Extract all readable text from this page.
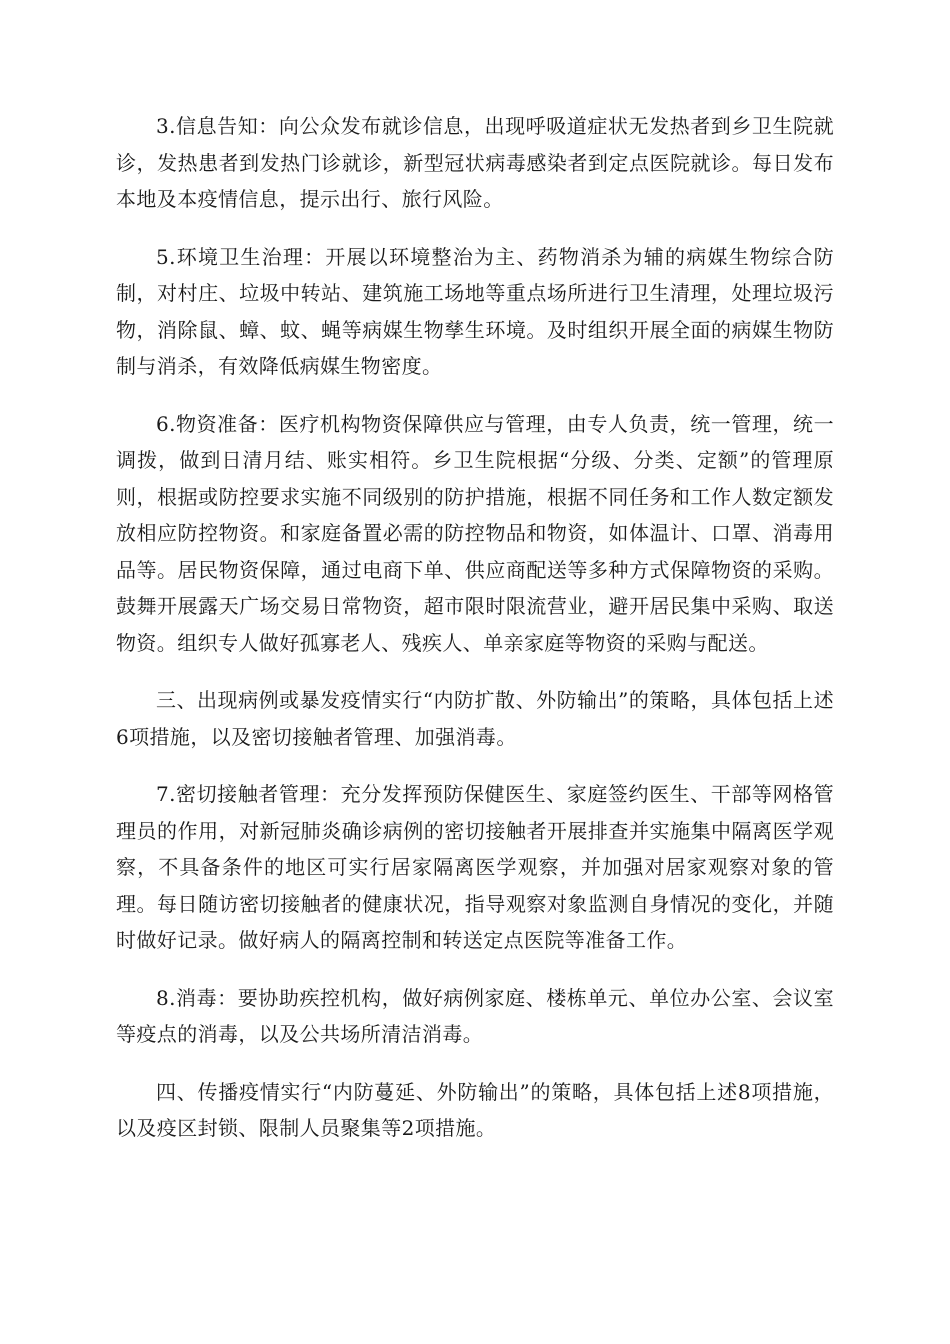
3.信息告知：向公众发布就诊信息，出现呼吸道症状无发热者到乡卫生院就诊，发热患者到发热门诊就诊，新型冠状病毒感染者到定点医院就诊。每日发布本地及本疫情信息，提示出行、旅行风险。

5.环境卫生治理：开展以环境整治为主、药物消杀为辅的病媒生物综合防制，对村庄、垃圾中转站、建筑施工场地等重点场所进行卫生清理，处理垃圾污物，消除鼠、蟑、蚊、蝇等病媒生物孳生环境。及时组织开展全面的病媒生物防制与消杀，有效降低病媒生物密度。

6.物资准备：医疗机构物资保障供应与管理，由专人负责，统一管理，统一调拨，做到日清月结、账实相符。乡卫生院根据“分级、分类、定额”的管理原则，根据或防控要求实施不同级别的防护措施，根据不同任务和工作人数定额发放相应防控物资。和家庭备置必需的防控物品和物资，如体温计、口罩、消毒用品等。居民物资保障，通过电商下单、供应商配送等多种方式保障物资的采购。鼓舞开展露天广场交易日常物资，超市限时限流营业，避开居民集中采购、取送物资。组织专人做好孤寡老人、残疾人、单亲家庭等物资的采购与配送。

三、出现病例或暴发疫情实行“内防扩散、外防输出”的策略，具体包括上述6项措施，以及密切接触者管理、加强消毒。

7.密切接触者管理：充分发挥预防保健医生、家庭签约医生、干部等网格管理员的作用，对新冠肺炎确诊病例的密切接触者开展排查并实施集中隔离医学观察，不具备条件的地区可实行居家隔离医学观察，并加强对居家观察对象的管理。每日随访密切接触者的健康状况，指导观察对象监测自身情况的变化，并随时做好记录。做好病人的隔离控制和转送定点医院等准备工作。

8.消毒：要协助疾控机构，做好病例家庭、楼栋单元、单位办公室、会议室等疫点的消毒，以及公共场所清洁消毒。

四、传播疫情实行“内防蔓延、外防输出”的策略，具体包括上述8项措施，以及疫区封锁、限制人员聚集等2项措施。
